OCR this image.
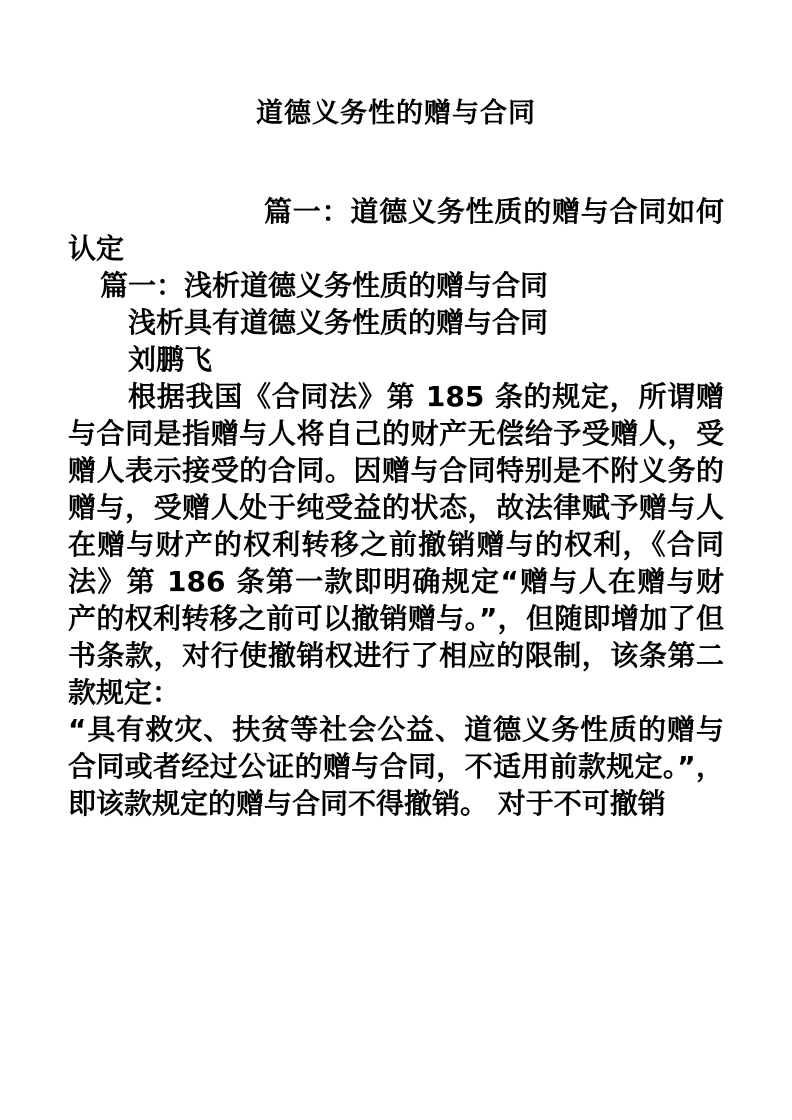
道德义务性的赠与合同

篇一：道德义务性质的赠与合同如何认定

篇一：浅析道德义务性质的赠与合同

浅析具有道德义务性质的赠与合同

刘鹏飞

根据我国《合同法》第 185 条的规定，所谓赠与合同是指赠与人将自己的财产无偿给予受赠人，受赠人表示接受的合同。因赠与合同特别是不附义务的赠与，受赠人处于纯受益的状态，故法律赋予赠与人在赠与财产的权利转移之前撤销赠与的权利，《合同法》第 186 条第一款即明确规定“赠与人在赠与财产的权利转移之前可以撤销赠与。”，但随即增加了但书条款，对行使撤销权进行了相应的限制，该条第二款规定：

“具有救灾、扶贫等社会公益、道德义务性质的赠与合同或者经过公证的赠与合同，不适用前款规定。”，即该款规定的赠与合同不得撤销。 对于不可撤销
